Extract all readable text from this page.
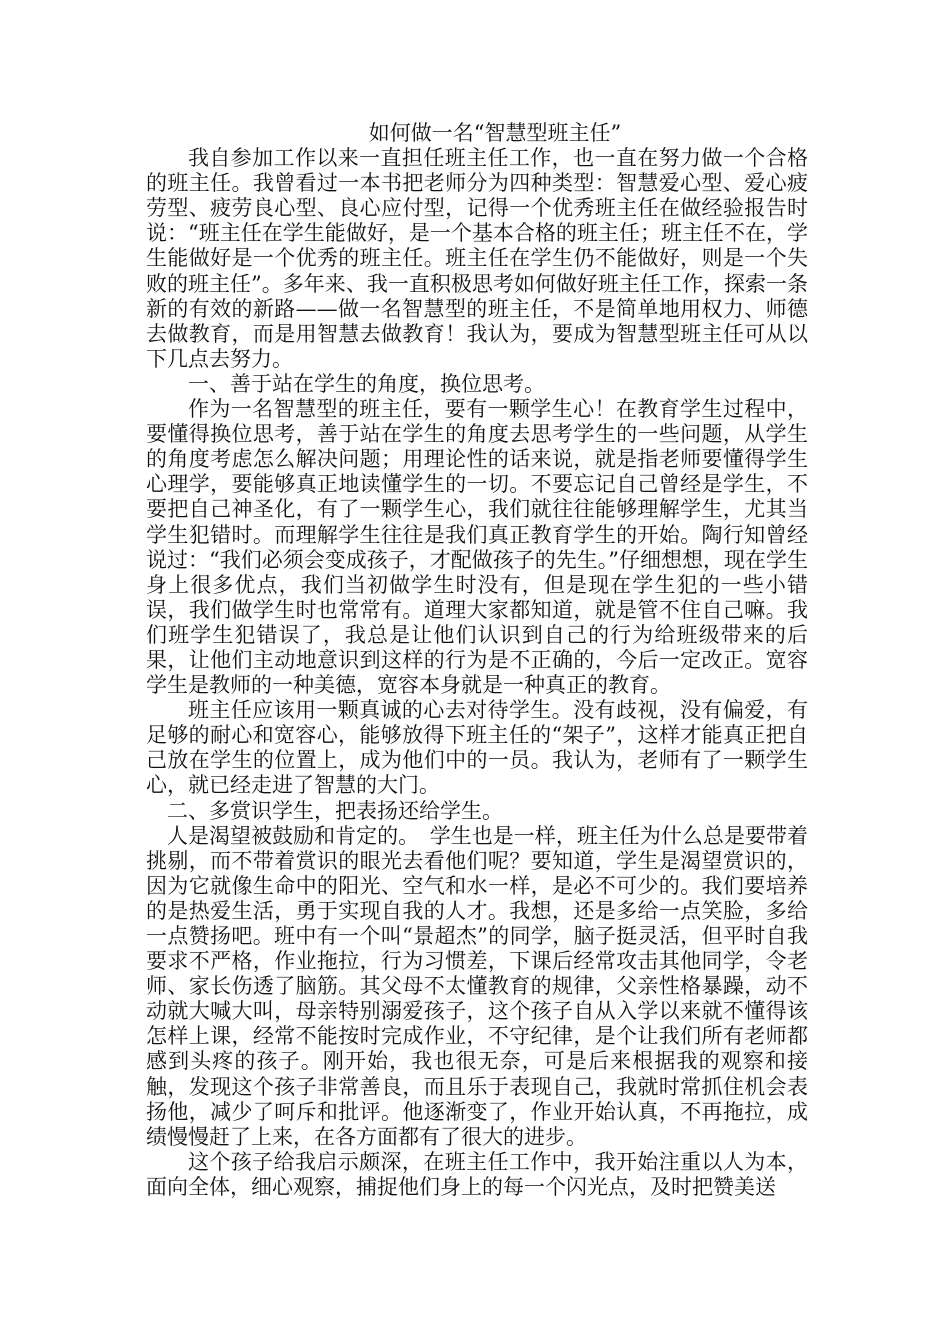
如何做一名“智慧型班主任”

我自参加工作以来一直担任班主任工作，也一直在努力做一个合格的班主任。我曾看过一本书把老师分为四种类型：智慧爱心型、爱心疲劳型、疲劳良心型、良心应付型，记得一个优秀班主任在做经验报告时说：“班主任在学生能做好，是一个基本合格的班主任；班主任不在，学生能做好是一个优秀的班主任。班主任在学生仍不能做好，则是一个失败的班主任”。多年来、我一直积极思考如何做好班主任工作，探索一条新的有效的新路——做一名智慧型的班主任，不是简单地用权力、师德去做教育，而是用智慧去做教育！我认为，要成为智慧型班主任可从以下几点去努力。

一、善于站在学生的角度，换位思考。

作为一名智慧型的班主任，要有一颗学生心！在教育学生过程中，要懂得换位思考，善于站在学生的角度去思考学生的一些问题，从学生的角度考虑怎么解决问题；用理论性的话来说，就是指老师要懂得学生心理学，要能够真正地读懂学生的一切。不要忘记自己曾经是学生，不要把自己神圣化，有了一颗学生心，我们就往往能够理解学生，尤其当学生犯错时。而理解学生往往是我们真正教育学生的开始。陶行知曾经说过：“我们必须会变成孩子，才配做孩子的先生。”仔细想想，现在学生身上很多优点，我们当初做学生时没有，但是现在学生犯的一些小错误，我们做学生时也常常有。道理大家都知道，就是管不住自己嘛。我们班学生犯错误了，我总是让他们认识到自己的行为给班级带来的后果，让他们主动地意识到这样的行为是不正确的，今后一定改正。宽容学生是教师的一种美德，宽容本身就是一种真正的教育。

班主任应该用一颗真诚的心去对待学生。没有歧视，没有偏爱，有足够的耐心和宽容心，能够放得下班主任的“架子”，这样才能真正把自己放在学生的位置上，成为他们中的一员。我认为，老师有了一颗学生心，就已经走进了智慧的大门。

二、多赏识学生，把表扬还给学生。

人是渴望被鼓励和肯定的。　学生也是一样，班主任为什么总是要带着挑剔，而不带着赏识的眼光去看他们呢？要知道，学生是渴望赏识的，因为它就像生命中的阳光、空气和水一样，是必不可少的。我们要培养的是热爱生活，勇于实现自我的人才。我想，还是多给一点笑脸，多给一点赞扬吧。班中有一个叫“景超杰”的同学，脑子挺灵活，但平时自我要求不严格，作业拖拉，行为习惯差，下课后经常攻击其他同学，令老师、家长伤透了脑筋。其父母不太懂教育的规律，父亲性格暴躁，动不动就大喊大叫，母亲特别溺爱孩子，这个孩子自从入学以来就不懂得该怎样上课，经常不能按时完成作业，不守纪律，是个让我们所有老师都感到头疼的孩子。刚开始，我也很无奈，可是后来根据我的观察和接触，发现这个孩子非常善良，而且乐于表现自己，我就时常抓住机会表扬他，减少了呵斥和批评。他逐渐变了，作业开始认真，不再拖拉，成绩慢慢赶了上来，在各方面都有了很大的进步。

这个孩子给我启示颇深，在班主任工作中，我开始注重以人为本，面向全体，细心观察，捕捉他们身上的每一个闪光点，及时把赞美送
